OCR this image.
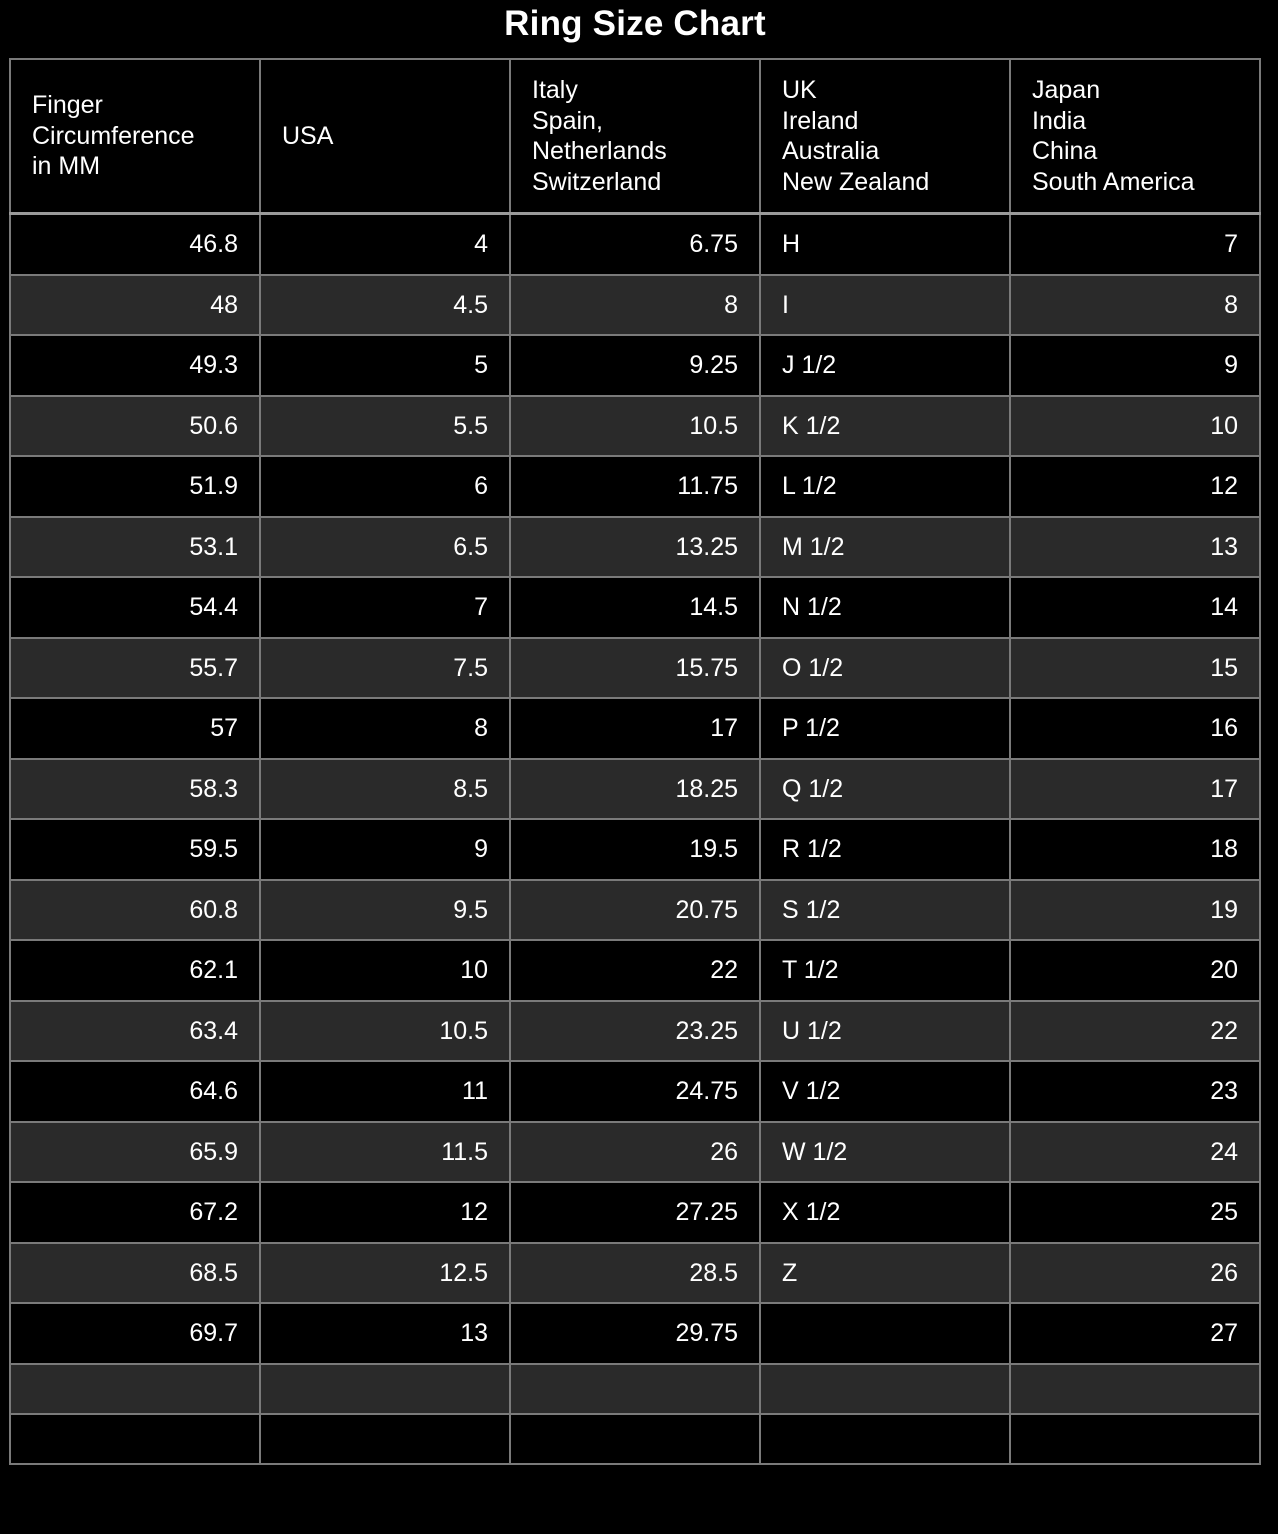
Ring Size Chart
Finger
Circumference
in MM	USA	Italy
Spain,
Netherlands
Switzerland	UK
Ireland
Australia
New Zealand	Japan
India
China
South America

46.8	4	6.75	H	7
48	4.5	8	I	8
49.3	5	9.25	J 1/2	9
50.6	5.5	10.5	K 1/2	10
51.9	6	11.75	L 1/2	12
53.1	6.5	13.25	M 1/2	13
54.4	7	14.5	N 1/2	14
55.7	7.5	15.75	O 1/2	15
57	8	17	P 1/2	16
58.3	8.5	18.25	Q 1/2	17
59.5	9	19.5	R 1/2	18
60.8	9.5	20.75	S 1/2	19
62.1	10	22	T 1/2	20
63.4	10.5	23.25	U 1/2	22
64.6	11	24.75	V 1/2	23
65.9	11.5	26	W 1/2	24
67.2	12	27.25	X 1/2	25
68.5	12.5	28.5	Z	26
69.7	13	29.75		27
